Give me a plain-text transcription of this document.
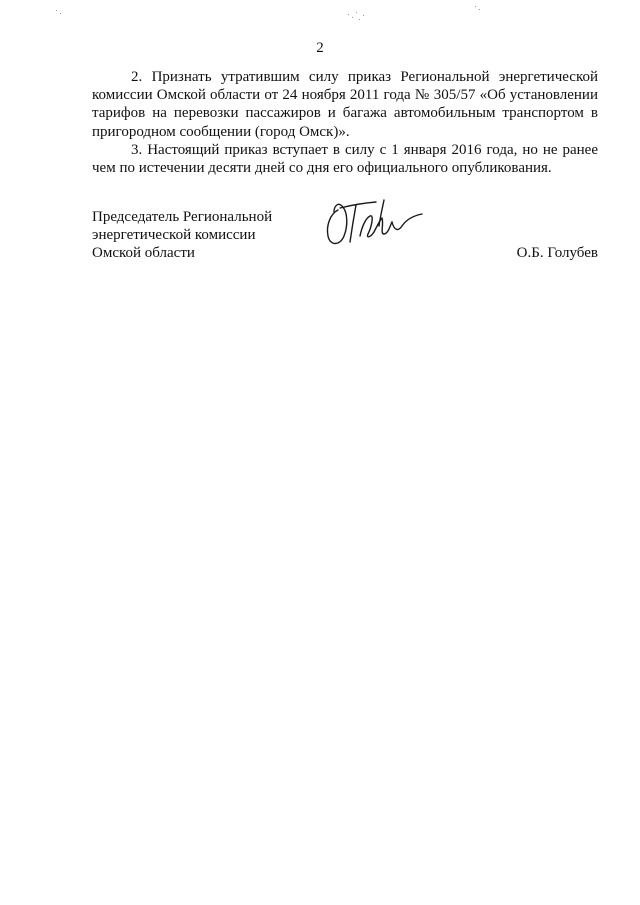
2

2. Признать утратившим силу приказ Региональной энергетической комиссии Омской области от 24 ноября 2011 года № 305/57 «Об установлении тарифов на перевозки пассажиров и багажа автомобильным транспортом в пригородном сообщении (город Омск)».

3. Настоящий приказ вступает в силу с 1 января 2016 года, но не ранее чем по истечении десяти дней со дня его официального опубликования.

Председатель Региональной
энергетической комиссии
Омской области	О.Б. Голубев
